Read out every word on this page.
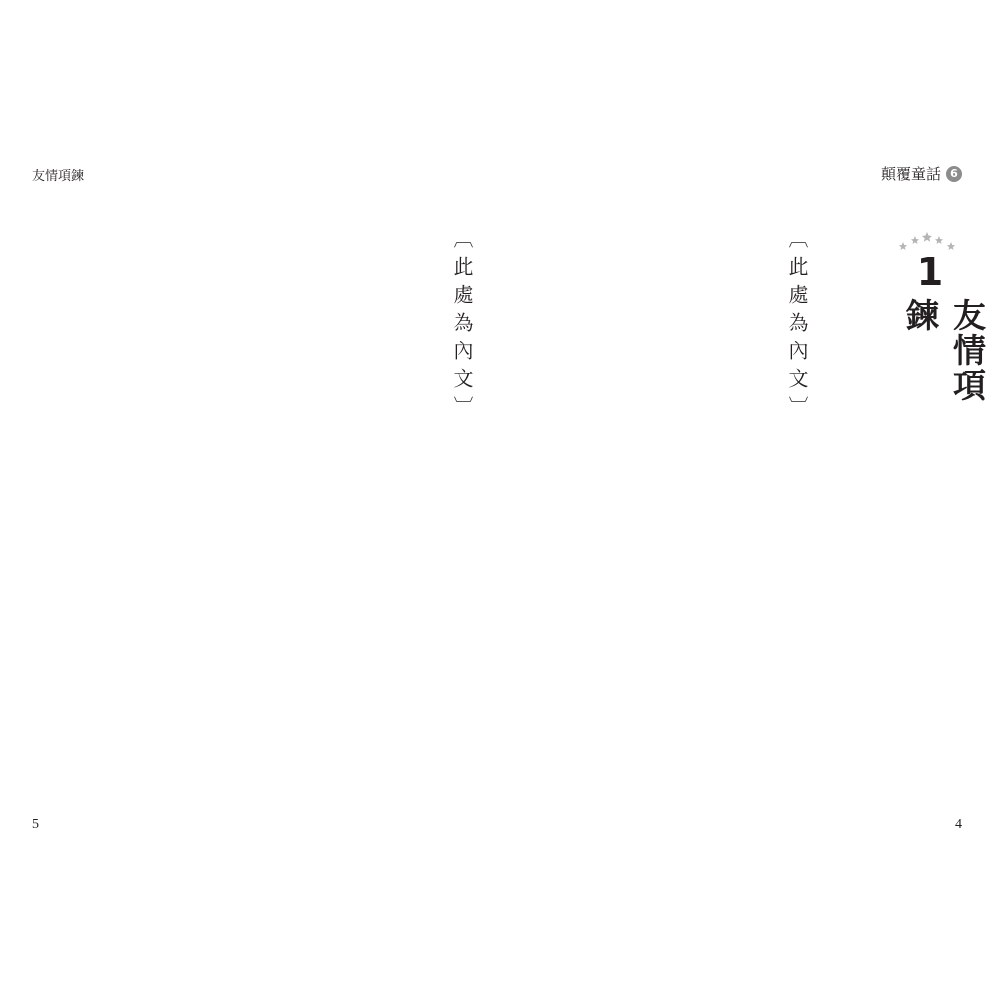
友情項鍊	顛覆童話 6
1
友情項鍊
〔此處為內文〕
〔此處為內文〕
5	4
